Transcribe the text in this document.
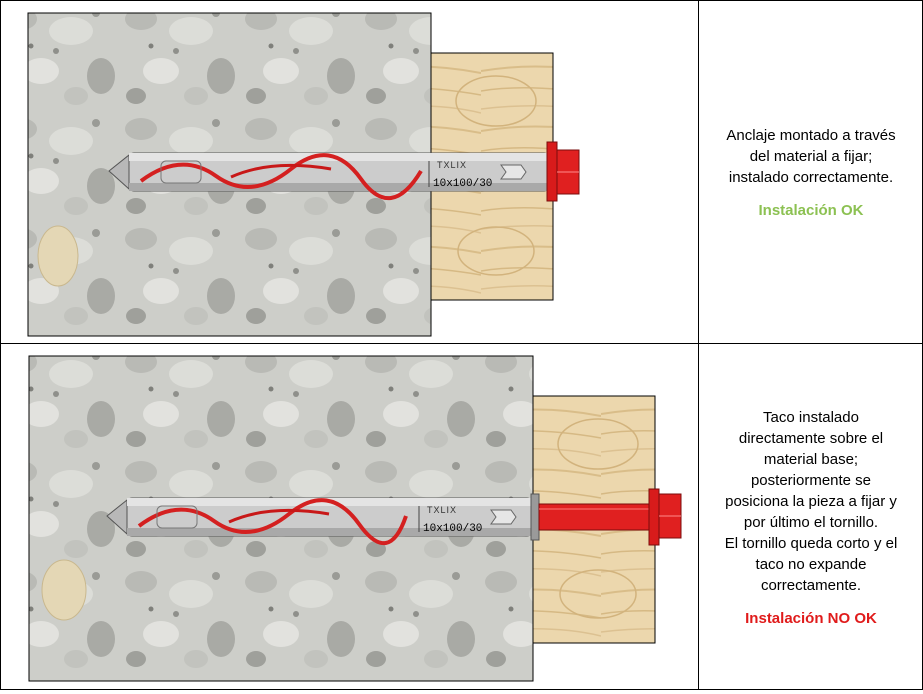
TXLIX
10x100/30
Anclaje montado a través
del material a fijar;
instalado correctamente.
Instalación OK
TXLIX
10x100/30
Taco instalado
directamente sobre el
material base;
posteriormente se
posiciona la pieza a fijar y
por último el tornillo.
El tornillo queda corto y el
taco no expande
correctamente.
Instalación NO OK
